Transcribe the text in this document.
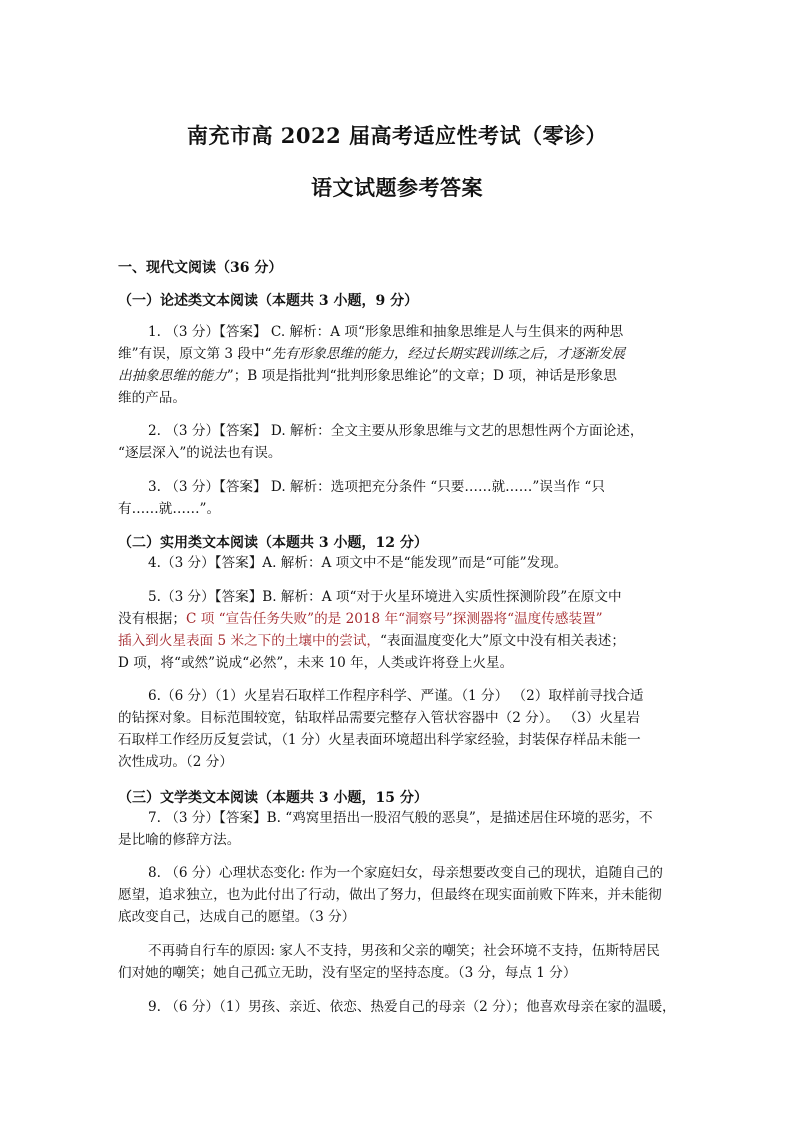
南充市高 2022 届高考适应性考试（零诊）
语文试题参考答案
一、现代文阅读（36 分）
（一）论述类文本阅读（本题共 3 小题，9 分）
1. （3 分）【答案】 C. 解析：A 项“形象思维和抽象思维是人与生俱来的两种思
维”有误，原文第 3 段中“先有形象思维的能力，经过长期实践训练之后，才逐渐发展
出抽象思维的能力”；B 项是指批判“批判形象思维论”的文章；D 项，神话是形象思
维的产品。
2. （3 分）【答案】 D. 解析：全文主要从形象思维与文艺的思想性两个方面论述，
“逐层深入”的说法也有误。
3. （3 分）【答案】 D. 解析：选项把充分条件 “只要……就……”误当作 “只
有……就……”。
（二）实用类文本阅读（本题共 3 小题，12 分）
4.（3 分）【答案】A. 解析：A 项文中不是“能发现”而是“可能”发现。
5.（3 分）【答案】B. 解析：A 项“对于火星环境进入实质性探测阶段”在原文中
没有根据；C 项 “宣告任务失败”的是 2018 年“洞察号”探测器将“温度传感装置”
插入到火星表面 5 米之下的土壤中的尝试，“表面温度变化大”原文中没有相关表述；
D 项，将“或然”说成“必然”，未来 10 年，人类或许将登上火星。
6.（6 分）（1）火星岩石取样工作程序科学、严谨。（1 分） （2）取样前寻找合适
的钻探对象。目标范围较宽，钻取样品需要完整存入管状容器中（2 分）。 （3）火星岩
石取样工作经历反复尝试，（1 分）火星表面环境超出科学家经验，封装保存样品未能一
次性成功。（2 分）
（三）文学类文本阅读（本题共 3 小题，15 分）
7. （3 分）【答案】B. “鸡窝里捂出一股沼气般的恶臭”，是描述居住环境的恶劣，不
是比喻的修辞方法。
8. （6 分）心理状态变化: 作为一个家庭妇女，母亲想要改变自己的现状，追随自己的
愿望，追求独立，也为此付出了行动，做出了努力，但最终在现实面前败下阵来，并未能彻
底改变自己，达成自己的愿望。（3 分）
不再骑自行车的原因: 家人不支持，男孩和父亲的嘲笑；社会环境不支持，伍斯特居民
们对她的嘲笑；她自己孤立无助，没有坚定的坚持态度。（3 分，每点 1 分）
9. （6 分）（1）男孩、亲近、依恋、热爱自己的母亲（2 分）；他喜欢母亲在家的温暖，
